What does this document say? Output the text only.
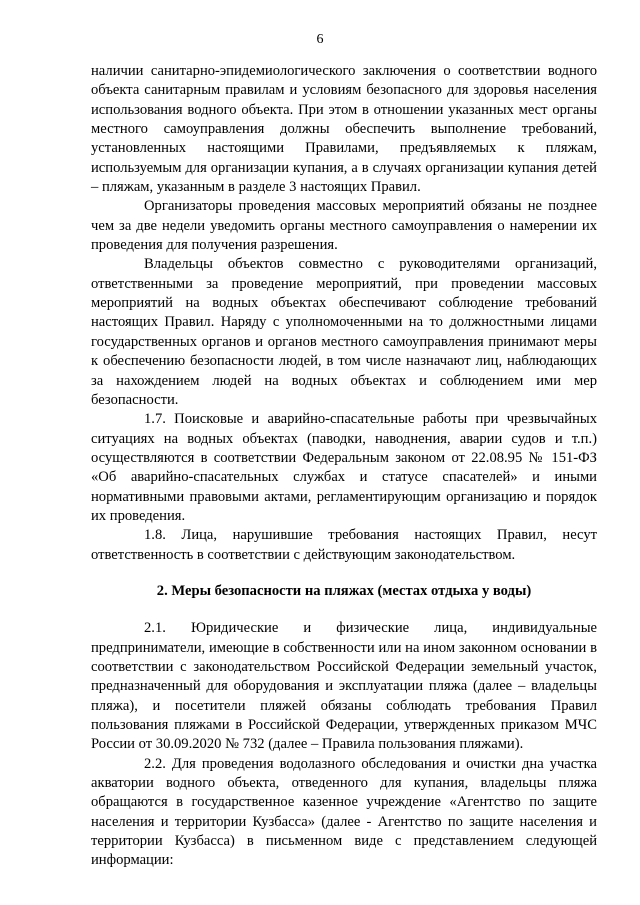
6

наличии санитарно-эпидемиологического заключения о соответствии водного объекта санитарным правилам и условиям безопасного для здоровья населения использования водного объекта. При этом в отношении указанных мест органы местного самоуправления должны обеспечить выполнение требований, установленных настоящими Правилами, предъявляемых к пляжам, используемым для организации купания, а в случаях организации купания детей – пляжам, указанным в разделе 3 настоящих Правил.

Организаторы проведения массовых мероприятий обязаны не позднее чем за две недели уведомить органы местного самоуправления о намерении их проведения для получения разрешения.

Владельцы объектов совместно с руководителями организаций, ответственными за проведение мероприятий, при проведении массовых мероприятий на водных объектах обеспечивают соблюдение требований настоящих Правил. Наряду с уполномоченными на то должностными лицами государственных органов и органов местного самоуправления принимают меры к обеспечению безопасности людей, в том числе назначают лиц, наблюдающих за нахождением людей на водных объектах и соблюдением ими мер безопасности.

1.7. Поисковые и аварийно-спасательные работы при чрезвычайных ситуациях на водных объектах (паводки, наводнения, аварии судов и т.п.) осуществляются в соответствии Федеральным законом от 22.08.95 № 151-ФЗ «Об аварийно-спасательных службах и статусе спасателей» и иными нормативными правовыми актами, регламентирующим организацию и порядок их проведения.

1.8. Лица, нарушившие требования настоящих Правил, несут ответственность в соответствии с действующим законодательством.

2. Меры безопасности на пляжах (местах отдыха у воды)

2.1. Юридические и физические лица, индивидуальные предприниматели, имеющие в собственности или на ином законном основании в соответствии с законодательством Российской Федерации земельный участок, предназначенный для оборудования и эксплуатации пляжа (далее – владельцы пляжа), и посетители пляжей обязаны соблюдать требования Правил пользования пляжами в Российской Федерации, утвержденных приказом МЧС России от 30.09.2020 № 732 (далее – Правила пользования пляжами).

2.2. Для проведения водолазного обследования и очистки дна участка акватории водного объекта, отведенного для купания, владельцы пляжа обращаются в государственное казенное учреждение «Агентство по защите населения и территории Кузбасса» (далее - Агентство по защите населения и территории Кузбасса) в письменном виде с представлением следующей информации:
